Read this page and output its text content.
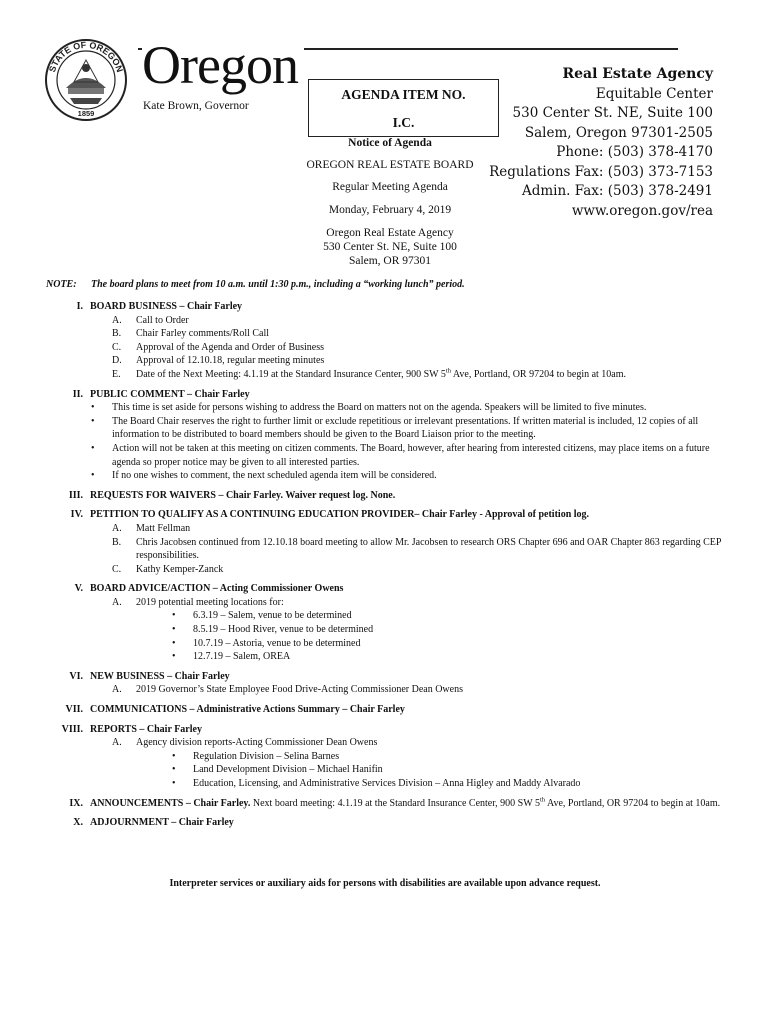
STATE OF OREGON
1859
Oregon
Kate Brown, Governor
AGENDA ITEM NO.
I.C.
Notice of Agenda
OREGON REAL ESTATE BOARD
Regular Meeting Agenda
Monday, February 4, 2019
Oregon Real Estate Agency
530 Center St. NE, Suite 100
Salem, OR 97301
Real Estate Agency
Equitable Center
530 Center St. NE, Suite 100
Salem, Oregon 97301-2505
Phone: (503) 378-4170
Regulations Fax: (503) 373-7153
Admin. Fax: (503) 378-2491
www.oregon.gov/rea
NOTE: The board plans to meet from 10 a.m. until 1:30 p.m., including a “working lunch” period.
I. BOARD BUSINESS – Chair Farley
A. Call to Order
B. Chair Farley comments/Roll Call
C. Approval of the Agenda and Order of Business
D. Approval of 12.10.18, regular meeting minutes
E. Date of the Next Meeting: 4.1.19 at the Standard Insurance Center, 900 SW 5th Ave, Portland, OR 97204 to begin at 10am.
II. PUBLIC COMMENT – Chair Farley
• This time is set aside for persons wishing to address the Board on matters not on the agenda. Speakers will be limited to five minutes.
• The Board Chair reserves the right to further limit or exclude repetitious or irrelevant presentations. If written material is included, 12 copies of all information to be distributed to board members should be given to the Board Liaison prior to the meeting.
• Action will not be taken at this meeting on citizen comments. The Board, however, after hearing from interested citizens, may place items on a future agenda so proper notice may be given to all interested parties.
• If no one wishes to comment, the next scheduled agenda item will be considered.
III. REQUESTS FOR WAIVERS – Chair Farley. Waiver request log. None.
IV. PETITION TO QUALIFY AS A CONTINUING EDUCATION PROVIDER– Chair Farley - Approval of petition log.
A. Matt Fellman
B. Chris Jacobsen continued from 12.10.18 board meeting to allow Mr. Jacobsen to research ORS Chapter 696 and OAR Chapter 863 regarding CEP responsibilities.
C. Kathy Kemper-Zanck
V. BOARD ADVICE/ACTION – Acting Commissioner Owens
A. 2019 potential meeting locations for:
• 6.3.19 – Salem, venue to be determined
• 8.5.19 – Hood River, venue to be determined
• 10.7.19 – Astoria, venue to be determined
• 12.7.19 – Salem, OREA
VI. NEW BUSINESS – Chair Farley
A. 2019 Governor’s State Employee Food Drive-Acting Commissioner Dean Owens
VII. COMMUNICATIONS – Administrative Actions Summary – Chair Farley
VIII. REPORTS – Chair Farley
A. Agency division reports-Acting Commissioner Dean Owens
• Regulation Division – Selina Barnes
• Land Development Division – Michael Hanifin
• Education, Licensing, and Administrative Services Division – Anna Higley and Maddy Alvarado
IX. ANNOUNCEMENTS – Chair Farley. Next board meeting: 4.1.19 at the Standard Insurance Center, 900 SW 5th Ave, Portland, OR 97204 to begin at 10am.
X. ADJOURNMENT – Chair Farley
Interpreter services or auxiliary aids for persons with disabilities are available upon advance request.
